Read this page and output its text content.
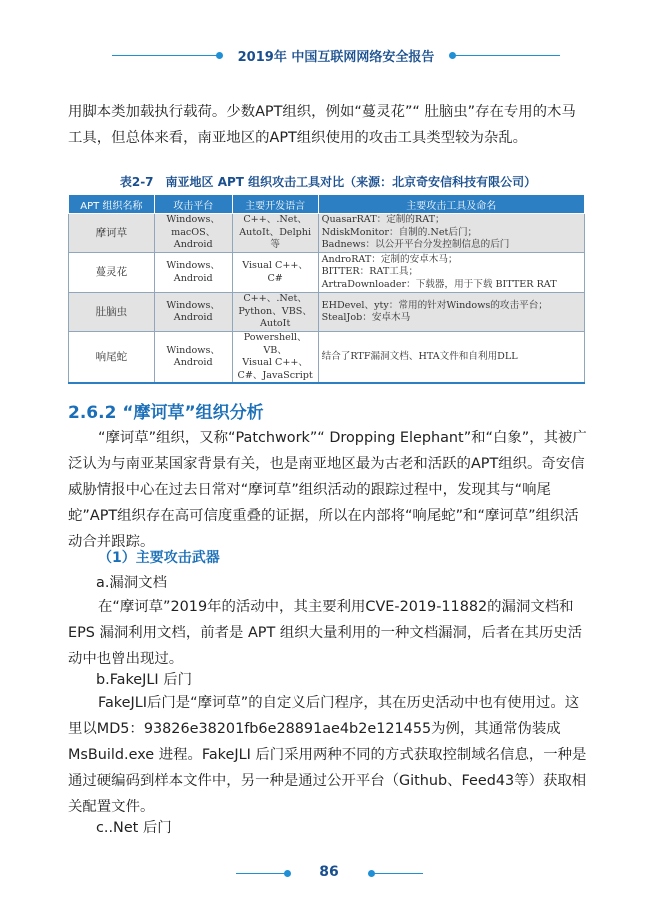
2019年 中国互联网网络安全报告

用脚本类加载执行载荷。少数APT组织，例如“蔓灵花”“ 肚脑虫”存在专用的木马工具，但总体来看，南亚地区的APT组织使用的攻击工具类型较为杂乱。

表2-7　南亚地区 APT 组织攻击工具对比（来源：北京奇安信科技有限公司）
APT 组织名称	攻击平台	主要开发语言	主要攻击工具及命名
摩诃草	Windows、
macOS、Android	C++、.Net、
AutoIt、Delphi 等	QuasarRAT：定制的RAT；
NdiskMonitor：自制的.Net后门；
Badnews：以公开平台分发控制信息的后门
蔓灵花	Windows、
Android	Visual C++、C#	AndroRAT：定制的安卓木马；
BITTER：RAT工具；
ArtraDownloader：下载器，用于下载 BITTER RAT
肚脑虫	Windows、
Android	C++、.Net、
Python、VBS、
AutoIt	EHDevel、yty：常用的针对Windows的攻击平台；
StealJob：安卓木马
响尾蛇	Windows、
Android	Powershell、VB、
Visual C++、
C#、JavaScript	结合了RTF漏洞文档、HTA文件和自利用DLL
2.6.2 “摩诃草”组织分析

“摩诃草”组织，又称“Patchwork”“ Dropping Elephant”和“白象”，其被广泛认为与南亚某国家背景有关，也是南亚地区最为古老和活跃的APT组织。奇安信威胁情报中心在过去日常对“摩诃草”组织活动的跟踪过程中，发现其与“响尾蛇”APT组织存在高可信度重叠的证据，所以在内部将“响尾蛇”和“摩诃草”组织活动合并跟踪。

（1）主要攻击武器
a.漏洞文档

在“摩诃草”2019年的活动中，其主要利用CVE-2019-11882的漏洞文档和EPS 漏洞利用文档，前者是 APT 组织大量利用的一种文档漏洞，后者在其历史活动中也曾出现过。

b.FakeJLI 后门

FakeJLI后门是“摩诃草”的自定义后门程序，其在历史活动中也有使用过。这里以MD5：93826e38201fb6e28891ae4b2e121455为例，其通常伪装成MsBuild.exe 进程。FakeJLI 后门采用两种不同的方式获取控制域名信息，一种是通过硬编码到样本文件中，另一种是通过公开平台（Github、Feed43等）获取相关配置文件。

c..Net 后门
86
